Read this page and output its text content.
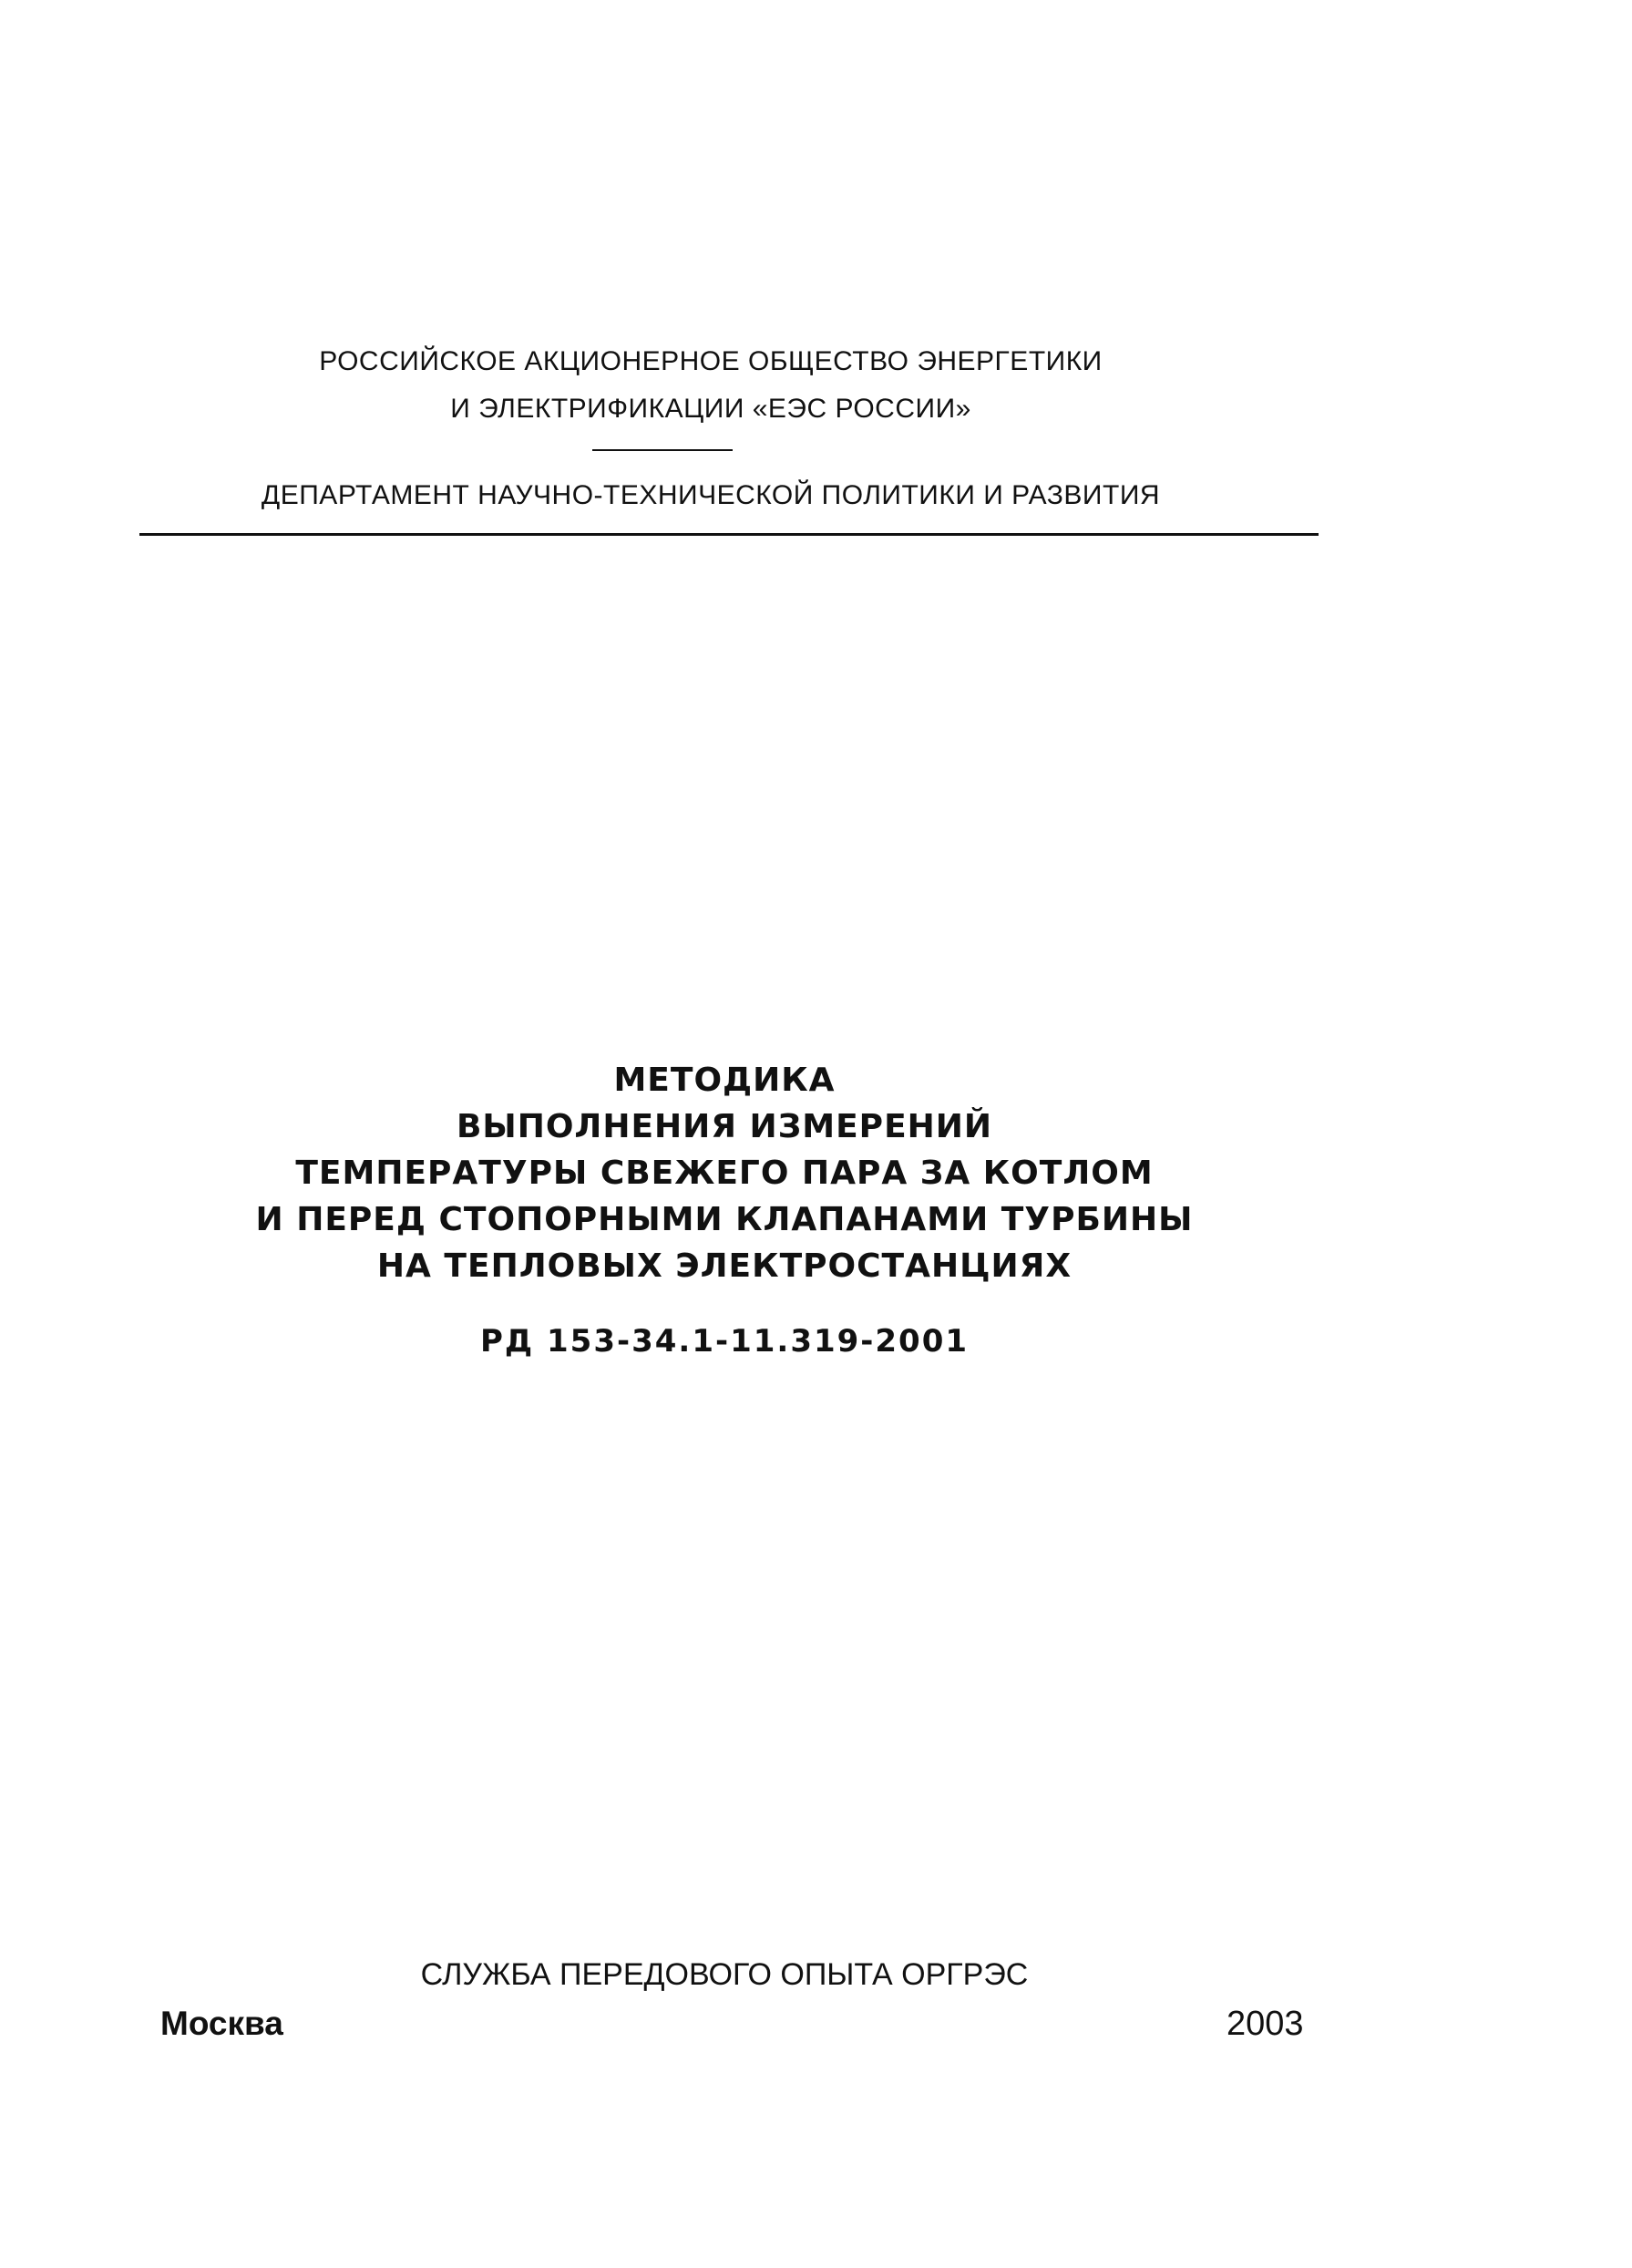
РОССИЙСКОЕ АКЦИОНЕРНОЕ ОБЩЕСТВО ЭНЕРГЕТИКИ
И ЭЛЕКТРИФИКАЦИИ «ЕЭС РОССИИ»
ДЕПАРТАМЕНТ НАУЧНО-ТЕХНИЧЕСКОЙ ПОЛИТИКИ И РАЗВИТИЯ
МЕТОДИКА
ВЫПОЛНЕНИЯ ИЗМЕРЕНИЙ
ТЕМПЕРАТУРЫ СВЕЖЕГО ПАРА ЗА КОТЛОМ
И ПЕРЕД СТОПОРНЫМИ КЛАПАНАМИ ТУРБИНЫ
НА ТЕПЛОВЫХ ЭЛЕКТРОСТАНЦИЯХ
РД 153-34.1-11.319-2001
СЛУЖБА ПЕРЕДОВОГО ОПЫТА ОРГРЭС
Москва	2003
